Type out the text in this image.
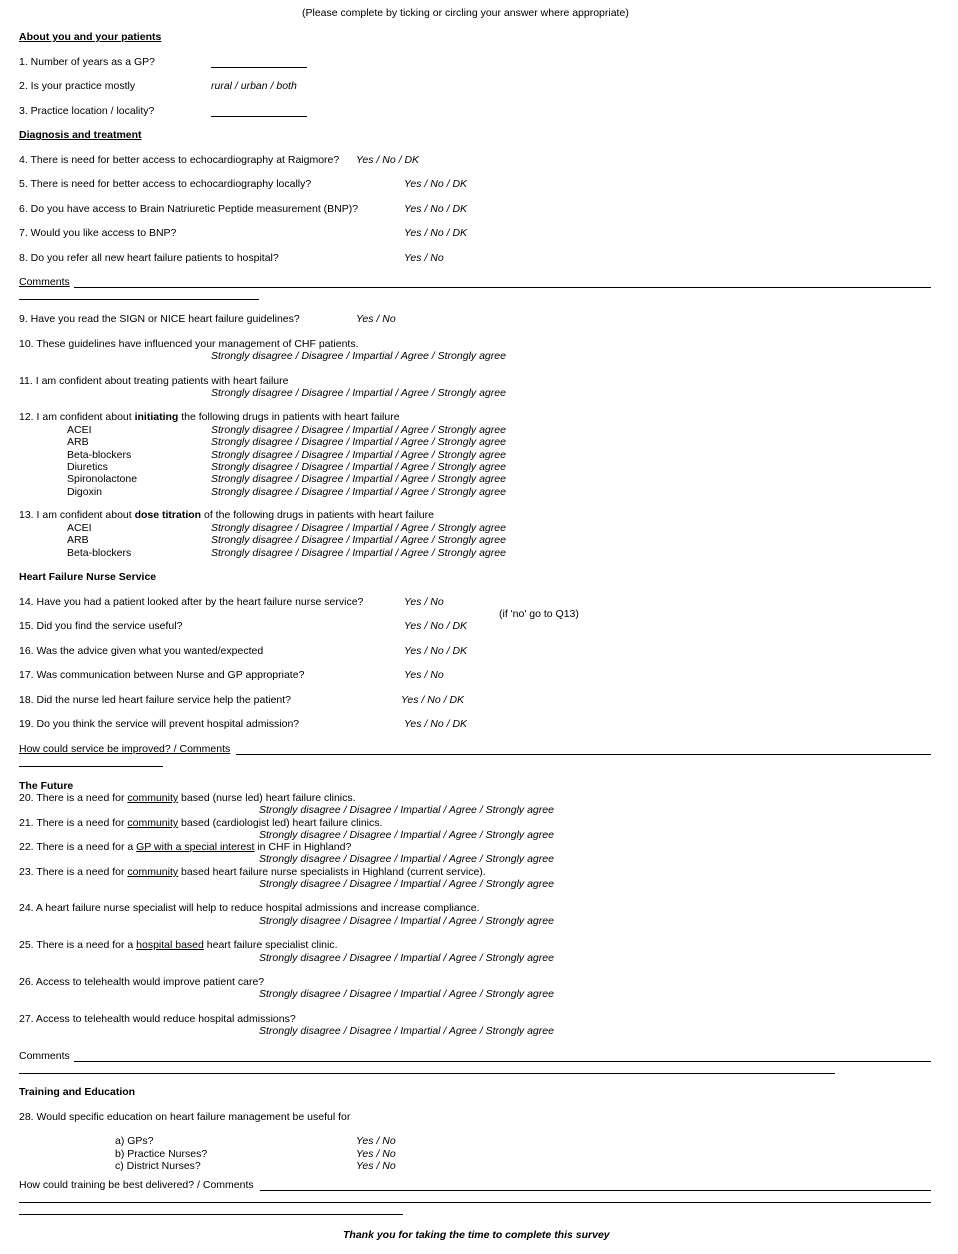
(Please complete by ticking or circling your answer where appropriate)
About you and your patients
1. Number of years as a GP?
2. Is your practice mostly	rural / urban / both
3. Practice location / locality?
Diagnosis and treatment
4. There is need for better access to echocardiography at Raigmore? Yes / No / DK
5. There is need for better access to echocardiography locally?	Yes / No / DK
6. Do you have access to Brain Natriuretic Peptide measurement (BNP)?	Yes / No / DK
7. Would you like access to BNP?	Yes / No / DK
8. Do you refer all new heart failure patients to hospital?	Yes / No
Comments
9. Have you read the SIGN or NICE heart failure guidelines?	Yes / No
10. These guidelines have influenced your management of CHF patients.
Strongly disagree / Disagree / Impartial / Agree / Strongly agree
11. I am confident about treating patients with heart failure
Strongly disagree / Disagree / Impartial / Agree / Strongly agree
12. I am confident about initiating the following drugs in patients with heart failure
ACEI	Strongly disagree / Disagree / Impartial / Agree / Strongly agree
ARB	Strongly disagree / Disagree / Impartial / Agree / Strongly agree
Beta-blockers	Strongly disagree / Disagree / Impartial / Agree / Strongly agree
Diuretics	Strongly disagree / Disagree / Impartial / Agree / Strongly agree
Spironolactone	Strongly disagree / Disagree / Impartial / Agree / Strongly agree
Digoxin	Strongly disagree / Disagree / Impartial / Agree / Strongly agree
13. I am confident about dose titration of the following drugs in patients with heart failure
ACEI	Strongly disagree / Disagree / Impartial / Agree / Strongly agree
ARB	Strongly disagree / Disagree / Impartial / Agree / Strongly agree
Beta-blockers	Strongly disagree / Disagree / Impartial / Agree / Strongly agree
Heart Failure Nurse Service
14. Have you had a patient looked after by the heart failure nurse service?	Yes / No
(if 'no' go to Q13)
15. Did you find the service useful?	Yes / No / DK
16. Was the advice given what you wanted/expected	Yes / No / DK
17. Was communication between Nurse and GP appropriate?	Yes / No
18. Did the nurse led heart failure service help the patient?	Yes / No / DK
19. Do you think the service will prevent hospital admission?	Yes / No / DK
How could service be improved? / Comments
The Future
20. There is a need for community based (nurse led) heart failure clinics.
Strongly disagree / Disagree / Impartial / Agree / Strongly agree
21. There is a need for community based (cardiologist led) heart failure clinics.
Strongly disagree / Disagree / Impartial / Agree / Strongly agree
22. There is a need for a GP with a special interest in CHF in Highland?
Strongly disagree / Disagree / Impartial / Agree / Strongly agree
23. There is a need for community based heart failure nurse specialists in Highland (current service).
Strongly disagree / Disagree / Impartial / Agree / Strongly agree
24. A heart failure nurse specialist will help to reduce hospital admissions and increase compliance.
Strongly disagree / Disagree / Impartial / Agree / Strongly agree
25. There is a need for a hospital based heart failure specialist clinic.
Strongly disagree / Disagree / Impartial / Agree / Strongly agree
26. Access to telehealth would improve patient care?
Strongly disagree / Disagree / Impartial / Agree / Strongly agree
27. Access to telehealth would reduce hospital admissions?
Strongly disagree / Disagree / Impartial / Agree / Strongly agree
Comments
Training and Education
28. Would specific education on heart failure management be useful for
a) GPs?	Yes / No
b) Practice Nurses?	Yes / No
c) District Nurses?	Yes / No
How could training be best delivered? / Comments
Thank you for taking the time to complete this survey
